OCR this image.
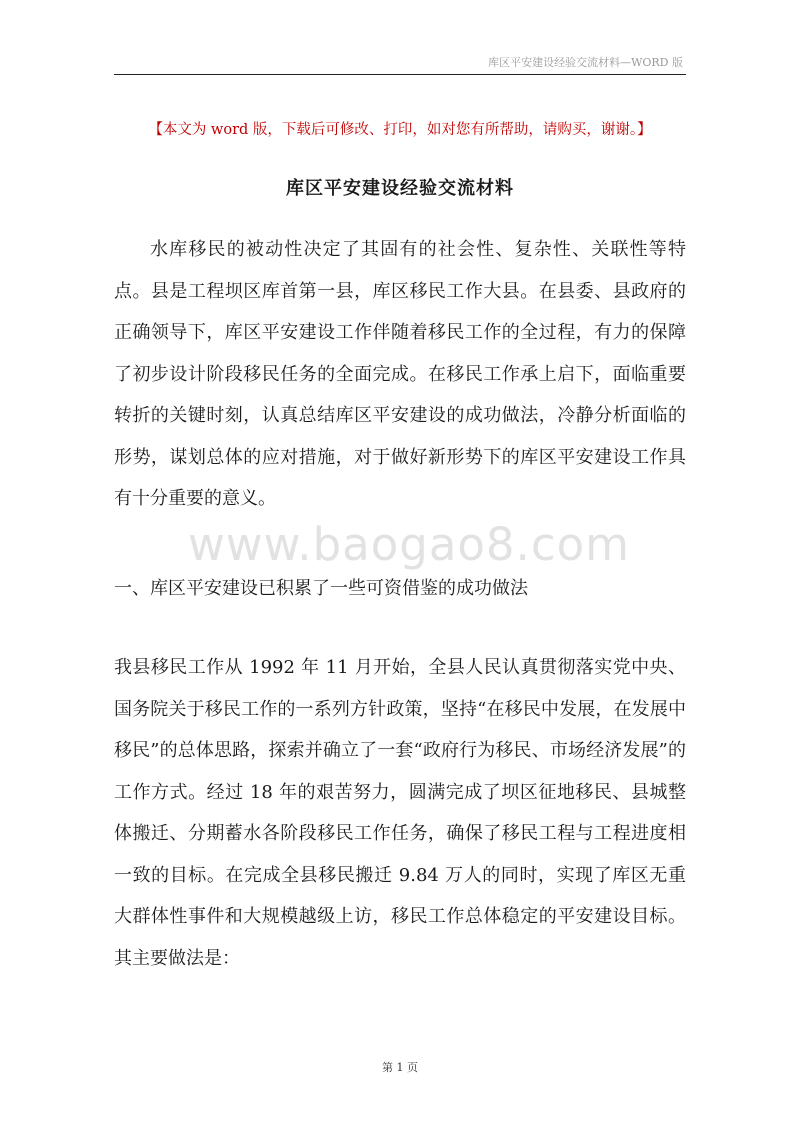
库区平安建设经验交流材料—WORD 版
【本文为 word 版，下载后可修改、打印，如对您有所帮助，请购买，谢谢。】
库区平安建设经验交流材料

水库移民的被动性决定了其固有的社会性、复杂性、关联性等特点。县是工程坝区库首第一县，库区移民工作大县。在县委、县政府的正确领导下，库区平安建设工作伴随着移民工作的全过程，有力的保障了初步设计阶段移民任务的全面完成。在移民工作承上启下，面临重要转折的关键时刻，认真总结库区平安建设的成功做法，冷静分析面临的形势，谋划总体的应对措施，对于做好新形势下的库区平安建设工作具有十分重要的意义。

www.baogao8.com

一、库区平安建设已积累了一些可资借鉴的成功做法

我县移民工作从 1992 年 11 月开始，全县人民认真贯彻落实党中央、国务院关于移民工作的一系列方针政策，坚持“在移民中发展，在发展中移民”的总体思路，探索并确立了一套“政府行为移民、市场经济发展”的工作方式。经过 18 年的艰苦努力，圆满完成了坝区征地移民、县城整体搬迁、分期蓄水各阶段移民工作任务，确保了移民工程与工程进度相一致的目标。在完成全县移民搬迁 9.84 万人的同时，实现了库区无重大群体性事件和大规模越级上访，移民工作总体稳定的平安建设目标。其主要做法是：

第 1 页
